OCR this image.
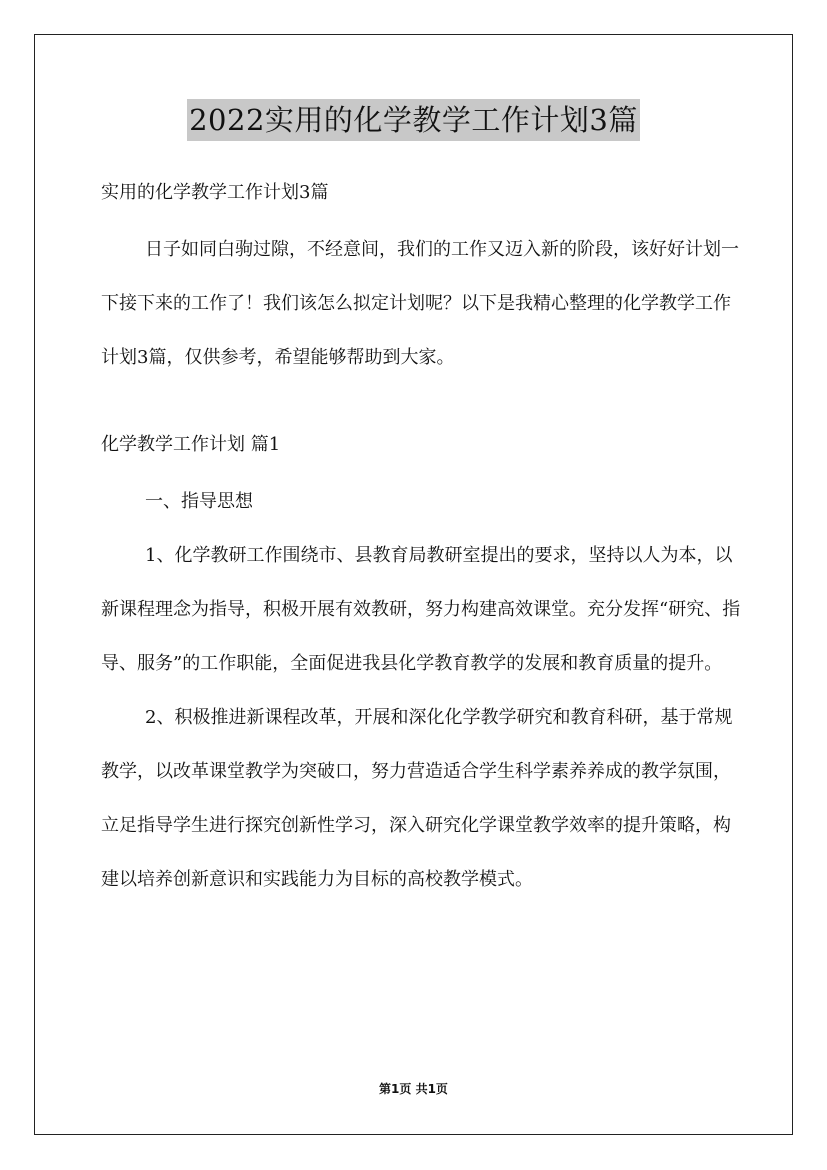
2022实用的化学教学工作计划3篇

实用的化学教学工作计划3篇

日子如同白驹过隙，不经意间，我们的工作又迈入新的阶段，该好好计划一下接下来的工作了！我们该怎么拟定计划呢？以下是我精心整理的化学教学工作计划3篇，仅供参考，希望能够帮助到大家。

化学教学工作计划 篇1

一、指导思想

1、化学教研工作围绕市、县教育局教研室提出的要求，坚持以人为本，以新课程理念为指导，积极开展有效教研，努力构建高效课堂。充分发挥“研究、指导、服务”的工作职能，全面促进我县化学教育教学的发展和教育质量的提升。

2、积极推进新课程改革，开展和深化化学教学研究和教育科研，基于常规教学，以改革课堂教学为突破口，努力营造适合学生科学素养养成的教学氛围，立足指导学生进行探究创新性学习，深入研究化学课堂教学效率的提升策略，构建以培养创新意识和实践能力为目标的高校教学模式。

第1页 共1页
